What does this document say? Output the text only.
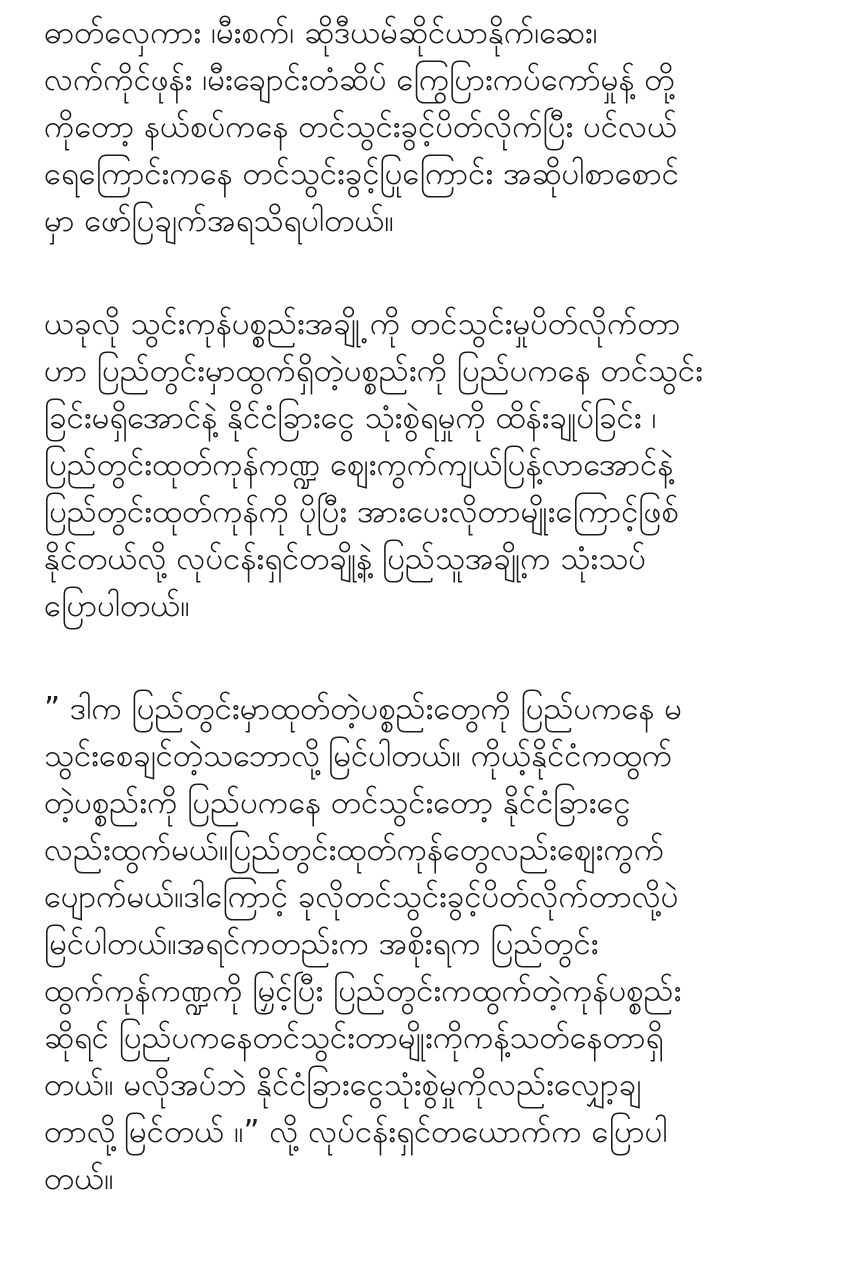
ဓာတ်လှေကား ၊မီးစက်၊ ဆိုဒီယမ်ဆိုင်ယာနိုက်၊ဆေး၊
လက်ကိုင်ဖုန်း ၊မီးချောင်းတံဆိပ် ကြွေပြားကပ်ကော်မှုန့် တို့
ကိုတော့ နယ်စပ်ကနေ တင်သွင်းခွင့်ပိတ်လိုက်ပြီး ပင်လယ်
ရေကြောင်းကနေ တင်သွင်းခွင့်ပြုကြောင်း အဆိုပါစာစောင်
မှာ ဖော်ပြချက်အရသိရပါတယ်။
ယခုလို သွင်းကုန်ပစ္စည်းအချို့ ကို တင်သွင်းမှုပိတ်လိုက်တာ
ဟာ ပြည်တွင်းမှာထွက်ရှိတဲ့ပစ္စည်းကို ပြည်ပကနေ တင်သွင်း
ခြင်းမရှိအောင်နဲ့ နိုင်ငံခြားငွေ သုံးစွဲရမှုကို ထိန်းချုပ်ခြင်း ၊
ပြည်တွင်းထုတ်ကုန်ကဏ္ဍ ဈေးကွက်ကျယ်ပြန့်လာအောင်နဲ့
ပြည်တွင်းထုတ်ကုန်ကို ပိုပြီး အားပေးလိုတာမျိုးကြောင့်ဖြစ်
နိုင်တယ်လို့ လုပ်ငန်းရှင်တချို့နဲ့ ပြည်သူအချို့က သုံးသပ်
ပြောပါတယ်။
” ဒါက ပြည်တွင်းမှာထုတ်တဲ့ပစ္စည်းတွေကို ပြည်ပကနေ မ
သွင်းစေချင်တဲ့သဘောလို့မြင်ပါတယ်။ ကိုယ့်နိုင်ငံကထွက်
တဲ့ပစ္စည်းကို ပြည်ပကနေ တင်သွင်းတော့ နိုင်ငံခြားငွေ
လည်းထွက်မယ်။ပြည်တွင်းထုတ်ကုန်တွေလည်းဈေးကွက်
ပျောက်မယ်။ဒါကြောင့် ခုလိုတင်သွင်းခွင့်ပိတ်လိုက်တာလို့ပဲ
မြင်ပါတယ်။အရင်ကတည်းက အစိုးရက ပြည်တွင်း
ထွက်ကုန်ကဏ္ဍကို မြှင့်ပြီး ပြည်တွင်းကထွက်တဲ့ကုန်ပစ္စည်း
ဆိုရင် ပြည်ပကနေတင်သွင်းတာမျိုးကိုကန့်သတ်နေတာရှိ
တယ်။ မလိုအပ်ဘဲ နိုင်ငံခြားငွေသုံးစွဲမှုကိုလည်းလျှော့ချ
တာလို့မြင်တယ် ။” လို့ လုပ်ငန်းရှင်တယောက်က ပြောပါ
တယ်။
